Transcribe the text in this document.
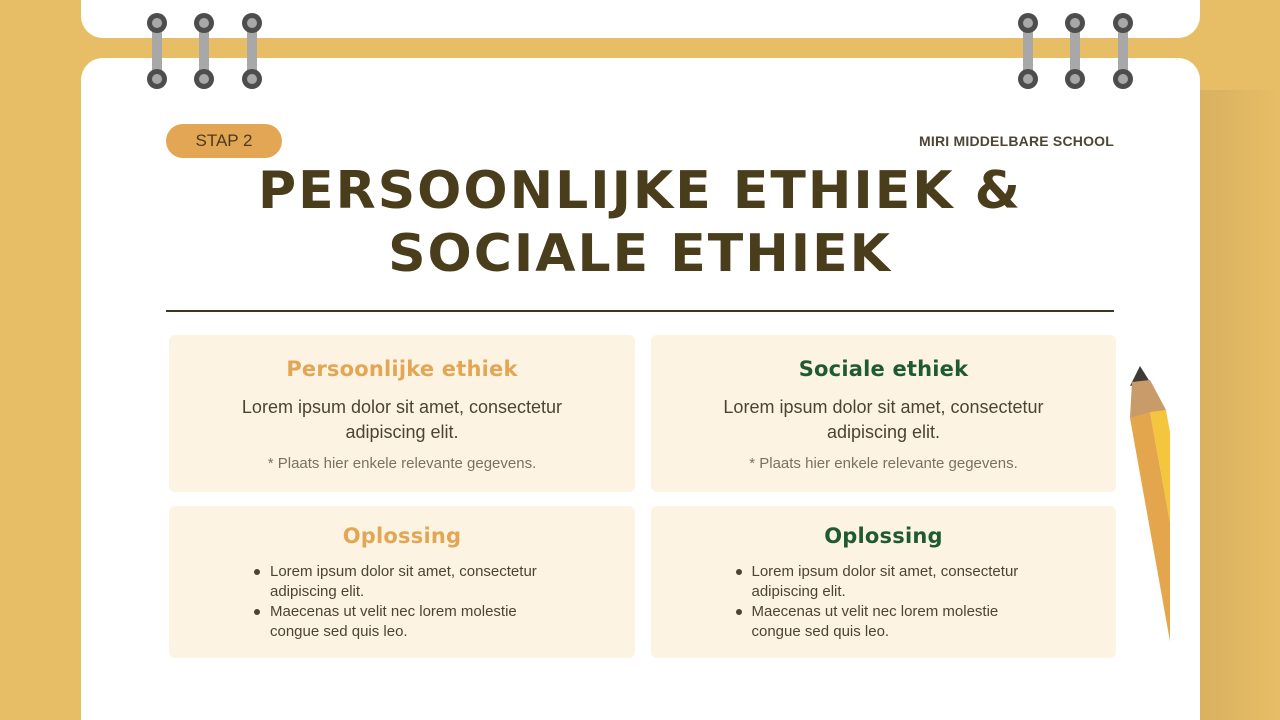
STAP 2	MIRI MIDDELBARE SCHOOL
PERSOONLIJKE ETHIEK &
SOCIALE ETHIEK
Persoonlijke ethiek

Lorem ipsum dolor sit amet, consectetur adipiscing elit.

* Plaats hier enkele relevante gegevens.

Sociale ethiek

Lorem ipsum dolor sit amet, consectetur adipiscing elit.

* Plaats hier enkele relevante gegevens.

Oplossing
Lorem ipsum dolor sit amet, consectetur adipiscing elit.
Maecenas ut velit nec lorem molestie congue sed quis leo.
Oplossing
Lorem ipsum dolor sit amet, consectetur adipiscing elit.
Maecenas ut velit nec lorem molestie congue sed quis leo.
